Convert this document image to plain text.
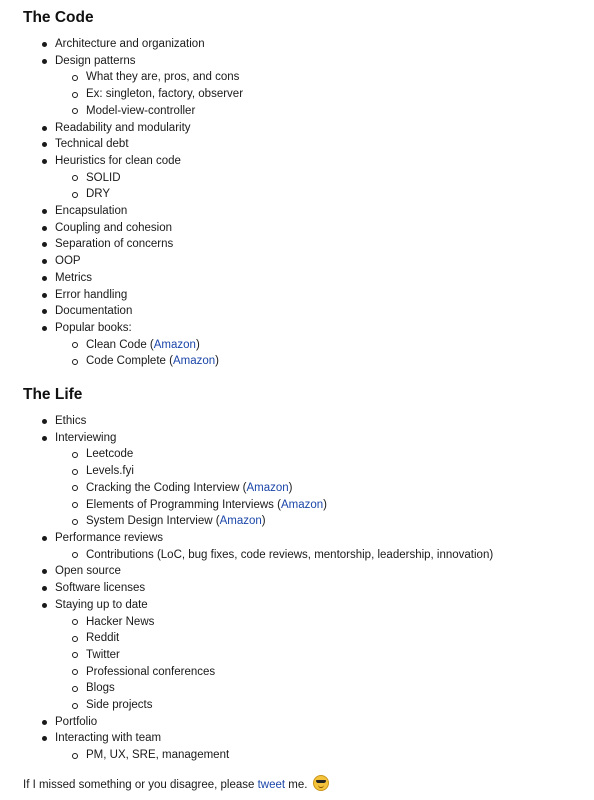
The Code
Architecture and organization
Design patterns
What they are, pros, and cons
Ex: singleton, factory, observer
Model-view-controller
Readability and modularity
Technical debt
Heuristics for clean code
SOLID
DRY
Encapsulation
Coupling and cohesion
Separation of concerns
OOP
Metrics
Error handling
Documentation
Popular books:
Clean Code (Amazon)
Code Complete (Amazon)
The Life
Ethics
Interviewing
Leetcode
Levels.fyi
Cracking the Coding Interview (Amazon)
Elements of Programming Interviews (Amazon)
System Design Interview (Amazon)
Performance reviews
Contributions (LoC, bug fixes, code reviews, mentorship, leadership, innovation)
Open source
Software licenses
Staying up to date
Hacker News
Reddit
Twitter
Professional conferences
Blogs
Side projects
Portfolio
Interacting with team
PM, UX, SRE, management

If I missed something or you disagree, please tweet me.
